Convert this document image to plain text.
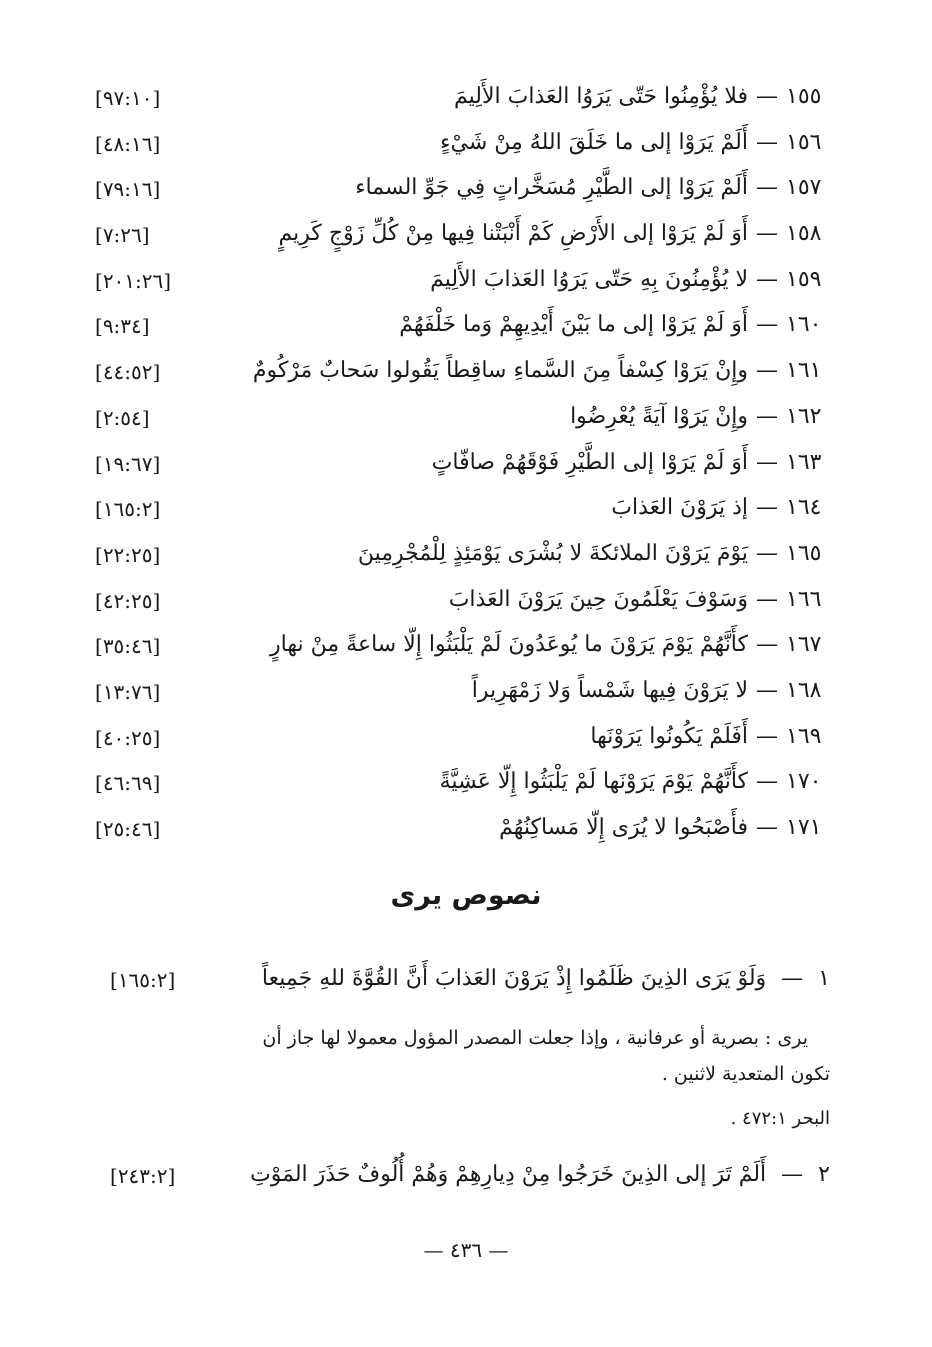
١٥٥—فلا يُؤْمِنُوا حَتّى يَرَوُا العَذابَ الأَلِيمَ
[٩٧:١٠]
١٥٦—أَلَمْ يَرَوْا إلى ما خَلَقَ اللهُ مِنْ شَيْءٍ
[٤٨:١٦]
١٥٧—أَلَمْ يَرَوْا إلى الطَّيْرِ مُسَخَّراتٍ فِي جَوِّ السماء
[٧٩:١٦]
١٥٨—أَوَ لَمْ يَرَوْا إلى الأَرْضِ كَمْ أَنْبَتْنا فِيها مِنْ كُلِّ زَوْجٍ كَرِيمٍ
[٧:٢٦]
١٥٩—لا يُؤْمِنُونَ بِهِ حَتّى يَرَوُا العَذابَ الأَلِيمَ
[٢٠١:٢٦]
١٦٠—أَوَ لَمْ يَرَوْا إلى ما بَيْنَ أَيْدِيهِمْ وَما خَلْفَهُمْ
[٩:٣٤]
١٦١—وإِنْ يَرَوْا كِسْفاً مِنَ السَّماءِ ساقِطاً يَقُولوا سَحابٌ مَرْكُومٌ
[٤٤:٥٢]
١٦٢—وإِنْ يَرَوْا آيَةً يُعْرِضُوا
[٢:٥٤]
١٦٣—أَوَ لَمْ يَرَوْا إلى الطَّيْرِ فَوْقَهُمْ صافّاتٍ
[١٩:٦٧]
١٦٤—إذ يَرَوْنَ العَذابَ
[١٦٥:٢]
١٦٥—يَوْمَ يَرَوْنَ الملائكةَ لا بُشْرَى يَوْمَئِذٍ لِلْمُجْرِمِينَ
[٢٢:٢٥]
١٦٦—وَسَوْفَ يَعْلَمُونَ حِينَ يَرَوْنَ العَذابَ
[٤٢:٢٥]
١٦٧—كأَنَّهُمْ يَوْمَ يَرَوْنَ ما يُوعَدُونَ لَمْ يَلْبَثُوا إِلّا ساعةً مِنْ نهارٍ
[٣٥:٤٦]
١٦٨—لا يَرَوْنَ فِيها شَمْساً وَلا زَمْهَرِيراً
[١٣:٧٦]
١٦٩—أَفَلَمْ يَكُونُوا يَرَوْنَها
[٤٠:٢٥]
١٧٠—كأَنَّهُمْ يَوْمَ يَرَوْنَها لَمْ يَلْبَثُوا إِلّا عَشِيَّةً
[٤٦:٦٩]
١٧١—فأَصْبَحُوا لا يُرَى إِلّا مَساكِنُهُمْ
[٢٥:٤٦]
نصوص يرى
١ — وَلَوْ يَرَى الذِينَ ظَلَمُوا إِذْ يَرَوْنَ العَذابَ أَنَّ القُوَّةَ للهِ جَمِيعاً
[١٦٥:٢]

يرى : بصرية أو عرفانية ، وإذا جعلت المصدر المؤول معمولا لها جاز أن

تكون المتعدية لاثنين .

البحر ٤٧٢:١ .
٢ — أَلَمْ تَرَ إلى الذِينَ خَرَجُوا مِنْ دِيارِهِمْ وَهُمْ أُلُوفٌ حَذَرَ المَوْتِ
[٢٤٣:٢]
— ٤٣٦ —
